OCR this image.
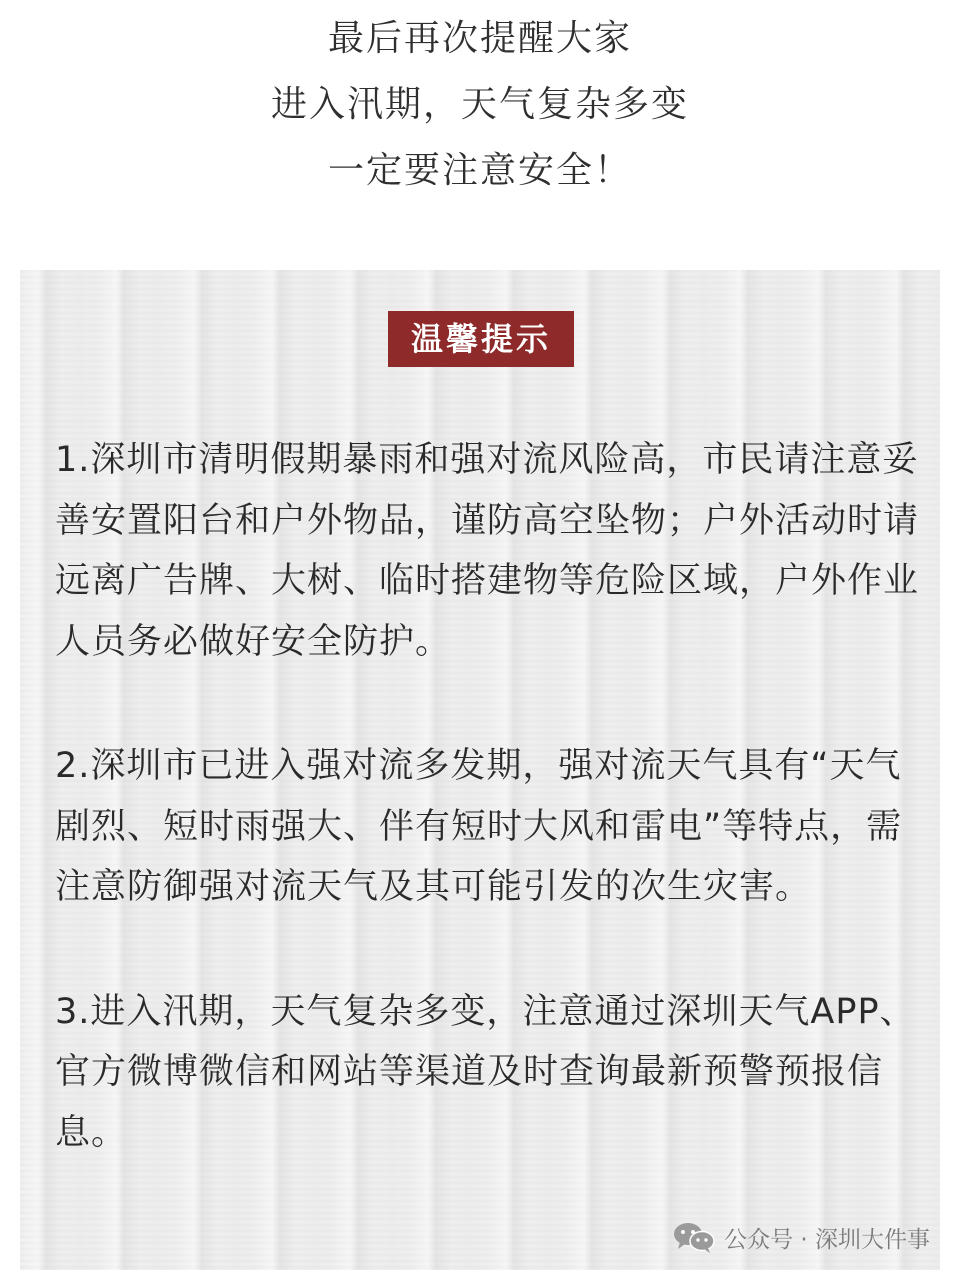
最后再次提醒大家
进入汛期，天气复杂多变
一定要注意安全！
温馨提示

1.深圳市清明假期暴雨和强对流风险高，市民请注意妥善安置阳台和户外物品，谨防高空坠物；户外活动时请远离广告牌、大树、临时搭建物等危险区域，户外作业人员务必做好安全防护。

2.深圳市已进入强对流多发期，强对流天气具有“天气剧烈、短时雨强大、伴有短时大风和雷电”等特点，需注意防御强对流天气及其可能引发的次生灾害。

3.进入汛期，天气复杂多变，注意通过深圳天气APP、官方微博微信和网站等渠道及时查询最新预警预报信息。

公众号 · 深圳大件事
